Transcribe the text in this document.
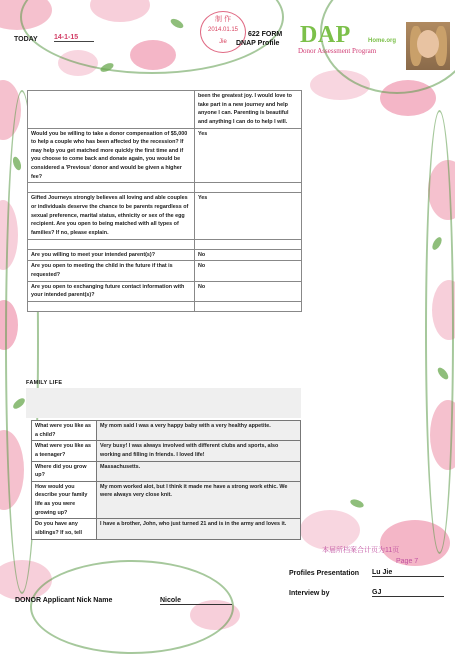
TODAY 14-1-15
制 作
2014.01.15
Jie
622 FORM
DNAP Profile DAP	Home.org
Donor Assessment Program
	been the greatest joy. I would love to take part in a new journey and help anyone I can. Parenting is beautiful and anything I can do to help I will.
Would you be willing to take a donor compensation of $5,000 to help a couple who has been affected by the recession? If may help you get matched more quickly the first time and if you choose to come back and donate again, you would be considered a 'Previous' donor and would be given a higher fee?	Yes

Gifted Journeys strongly believes all loving and able couples or individuals deserve the chance to be parents regardless of sexual preference, marital status, ethnicity or sex of the egg recipient. Are you open to being matched with all types of families? If no, please explain.	Yes

Are you willing to meet your intended parent(s)?	No
Are you open to meeting the child in the future if that is requested?	No
Are you open to exchanging future contact information with your intended parent(s)?	No

FAMILY LIFE
What were you like as a child?	My mom said I was a very happy baby with a very healthy appetite.
What were you like as a teenager?	Very busy! I was always involved with different clubs and sports, also working and filling in friends. I loved life!
Where did you grow up?	Massachusetts.
How would you describe your family life as you were growing up?	My mom worked alot, but I think it made me have a strong work ethic. We were always very close knit.
Do you have any siblings? If so, tell	I have a brother, John, who just turned 21 and is in the army and loves it.
本届所档案合计页为11页
Page 7
Profiles Presentation Lu Jie
Interview by	GJ
DONOR Applicant Nick Name	Nicole
